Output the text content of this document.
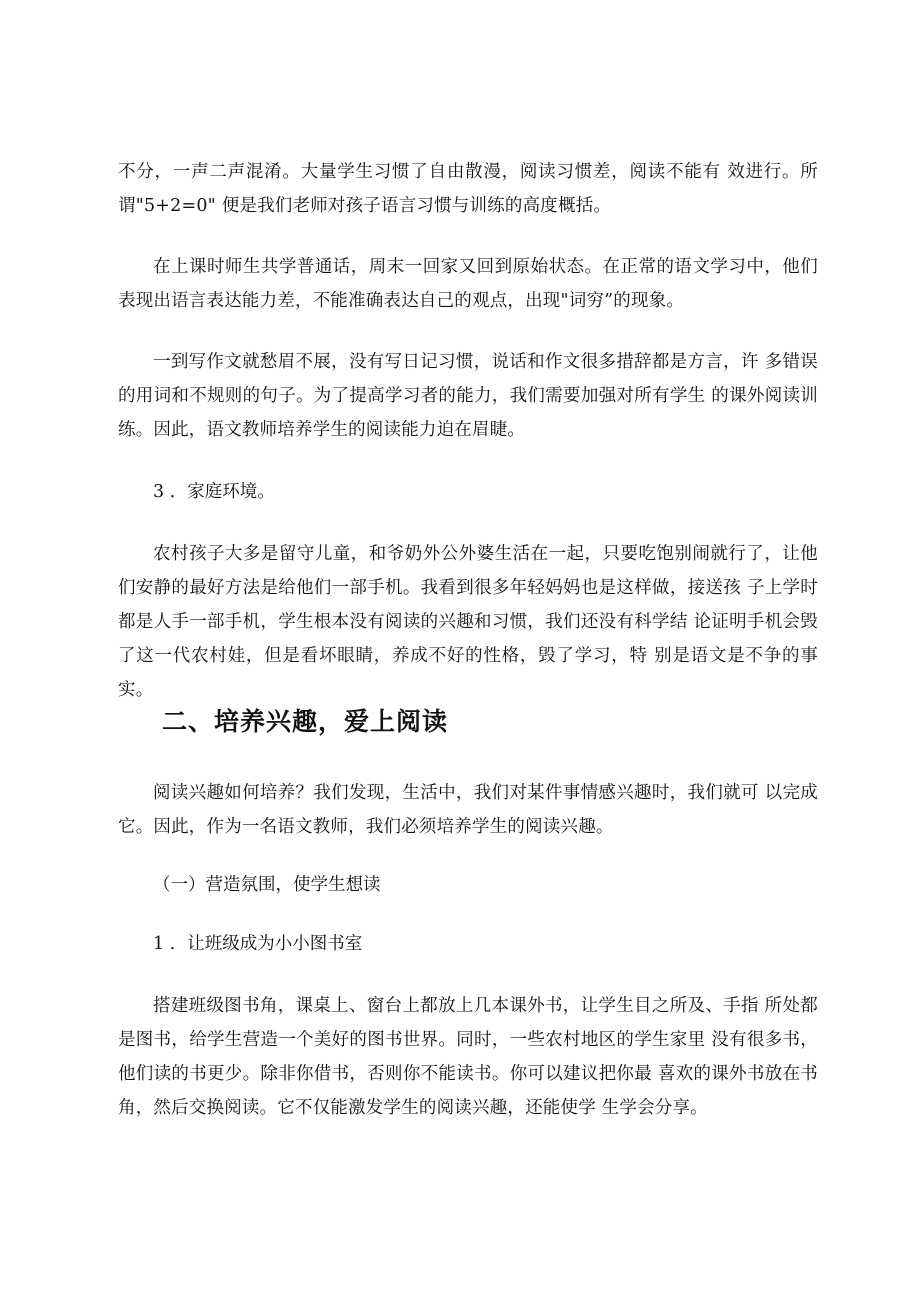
不分，一声二声混淆。大量学生习惯了自由散漫，阅读习惯差，阅读不能有 效进行。所谓"5+2=0" 便是我们老师对孩子语言习惯与训练的高度概括。

在上课时师生共学普通话，周末一回家又回到原始状态。在正常的语文学习中，他们表现出语言表达能力差，不能准确表达自己的观点，出现"词穷”的现象。

一到写作文就愁眉不展，没有写日记习惯，说话和作文很多措辞都是方言，许 多错误的用词和不规则的句子。为了提高学习者的能力，我们需要加强对所有学生 的课外阅读训练。因此，语文教师培养学生的阅读能力迫在眉睫。

3 ．家庭环境。

农村孩子大多是留守儿童，和爷奶外公外婆生活在一起，只要吃饱别闹就行了，让他们安静的最好方法是给他们一部手机。我看到很多年轻妈妈也是这样做，接送孩 子上学时都是人手一部手机，学生根本没有阅读的兴趣和习惯，我们还没有科学结 论证明手机会毁了这一代农村娃，但是看坏眼睛，养成不好的性格，毁了学习，特 别是语文是不争的事实。

二、培养兴趣，爱上阅读

阅读兴趣如何培养？我们发现，生活中，我们对某件事情感兴趣时，我们就可 以完成它。因此，作为一名语文教师，我们必须培养学生的阅读兴趣。

（一）营造氛围，使学生想读

1 ．让班级成为小小图书室

搭建班级图书角，课桌上、窗台上都放上几本课外书，让学生目之所及、手指 所处都是图书，给学生营造一个美好的图书世界。同时，一些农村地区的学生家里 没有很多书，他们读的书更少。除非你借书，否则你不能读书。你可以建议把你最 喜欢的课外书放在书角，然后交换阅读。它不仅能激发学生的阅读兴趣，还能使学 生学会分享。
